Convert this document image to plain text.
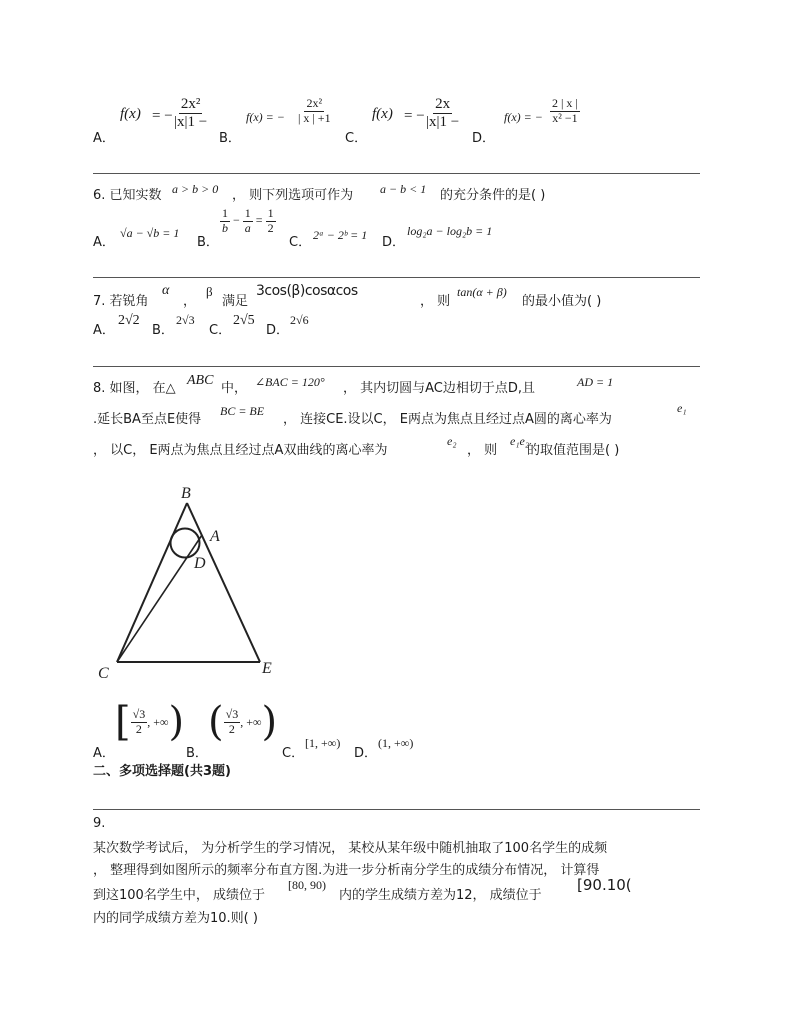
A．
f(x) = − $\frac{\text{2x²}}{|x|1 -}$
B．
f(x) = − $\frac{\text{2x²}}{| x | +1}$
C．
f(x) = − $\frac{2x}{|x|1 -}$
D．
f(x) = − $\frac{2 | x |}{\text{x² −1}}$
6. 已知实数 a > b > 0 ， 则下列选项可作为 a − b < 1 的充分条件的是( )
A．
√a − √b = 1
B．
$\frac{1}{b} - \frac{1}{a} = \frac{1}{2}$
C． 2ᵃ − 2ᵇ = 1 D．
log₂a − log₂b = 1
7. 若锐角
α
，
β
满足
3cos(β)cosαcos
， 则
tan(α + β)
的最小值为( )
A．
2√2
B．
2√3
C．
2√5
D．
2√6
8. 如图， 在△
ABC
中， ∠BAC = 120° ， 其内切圆与AC边相切于点D,且	AD = 1
.延长BA至点E使得
BC = BE
， 连接CE.设以C， E两点为焦点且经过点A圆的离心率为
e₁
， 以C， E两点为焦点且经过点A双曲线的离心率为
e₂
， 则
e₁e₂
的取值范围是( )
B
A
D
C	E
A．
[ $\frac{√3}{2}$ , +∞ )
B．
( $\frac{√3}{2}$ , +∞ )
C．
[1, +∞)
D．
(1, +∞)
二、多项选择题(共3题)
9.
某次数学考试后， 为分析学生的学习情况， 某校从某年级中随机抽取了100名学生的成频
， 整理得到如图所示的频率分布直方图.为进一步分析南分学生的成绩分布情况， 计算得
到这100名学生中， 成绩位于
[80, 90)
内的学生成绩方差为12， 成绩位于
[90.10(
内的同学成绩方差为10.则( )
